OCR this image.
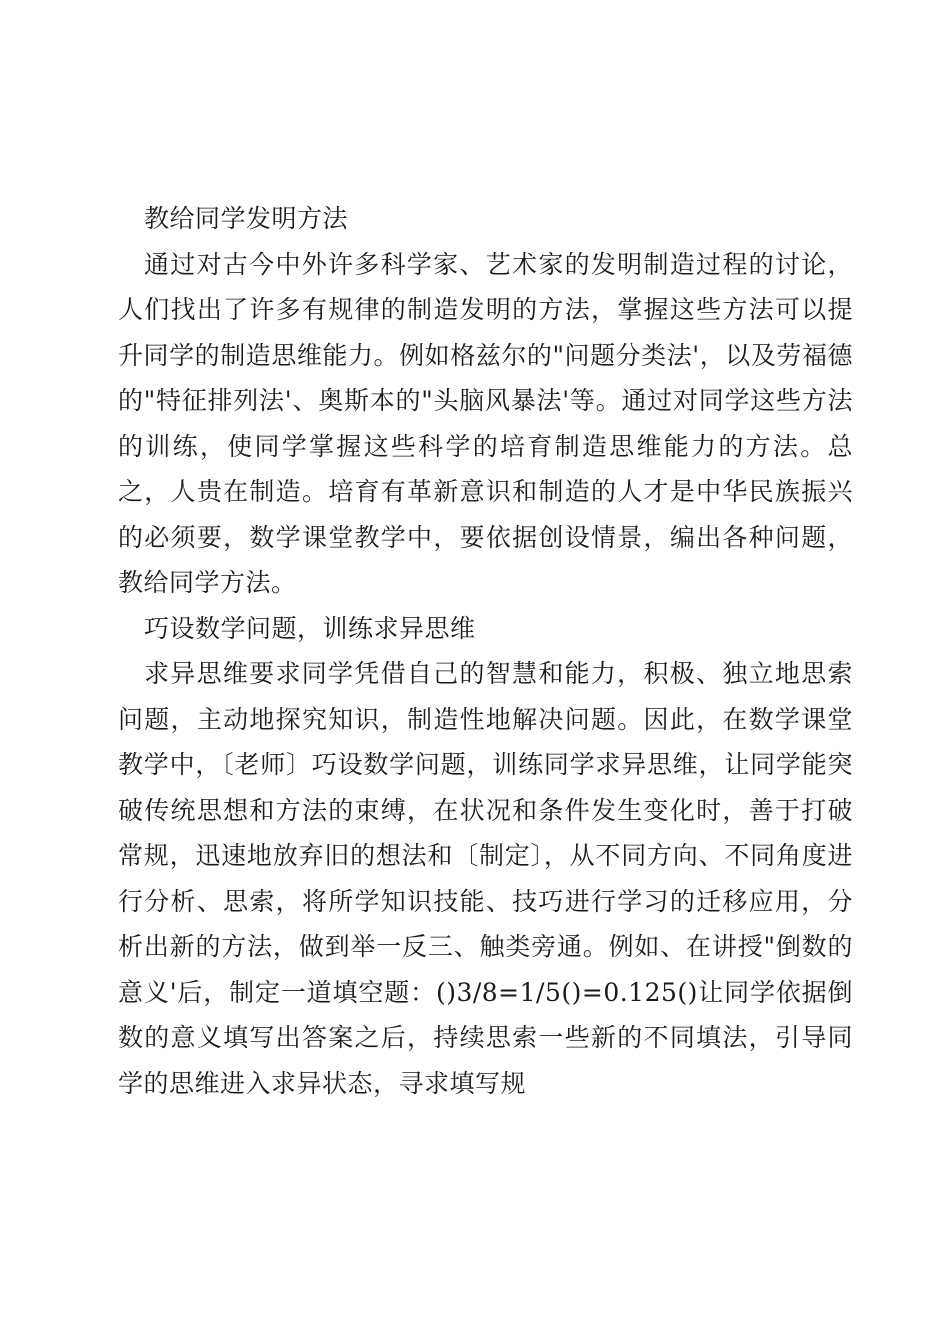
教给同学发明方法

通过对古今中外许多科学家、艺术家的发明制造过程的讨论，人们找出了许多有规律的制造发明的方法，掌握这些方法可以提升同学的制造思维能力。例如格兹尔的"问题分类法'，以及劳福德的"特征排列法'、奥斯本的"头脑风暴法'等。通过对同学这些方法的训练，使同学掌握这些科学的培育制造思维能力的方法。总之，人贵在制造。培育有革新意识和制造的人才是中华民族振兴的必须要，数学课堂教学中，要依据创设情景，编出各种问题，教给同学方法。

巧设数学问题，训练求异思维

求异思维要求同学凭借自己的智慧和能力，积极、独立地思索问题，主动地探究知识，制造性地解决问题。因此，在数学课堂教学中，〔老师〕巧设数学问题，训练同学求异思维，让同学能突破传统思想和方法的束缚，在状况和条件发生变化时，善于打破常规，迅速地放弃旧的想法和〔制定〕，从不同方向、不同角度进行分析、思索，将所学知识技能、技巧进行学习的迁移应用，分析出新的方法，做到举一反三、触类旁通。例如、在讲授"倒数的意义'后，制定一道填空题：()3/8=1/5()=0.125()让同学依据倒数的意义填写出答案之后，持续思索一些新的不同填法，引导同学的思维进入求异状态，寻求填写规
